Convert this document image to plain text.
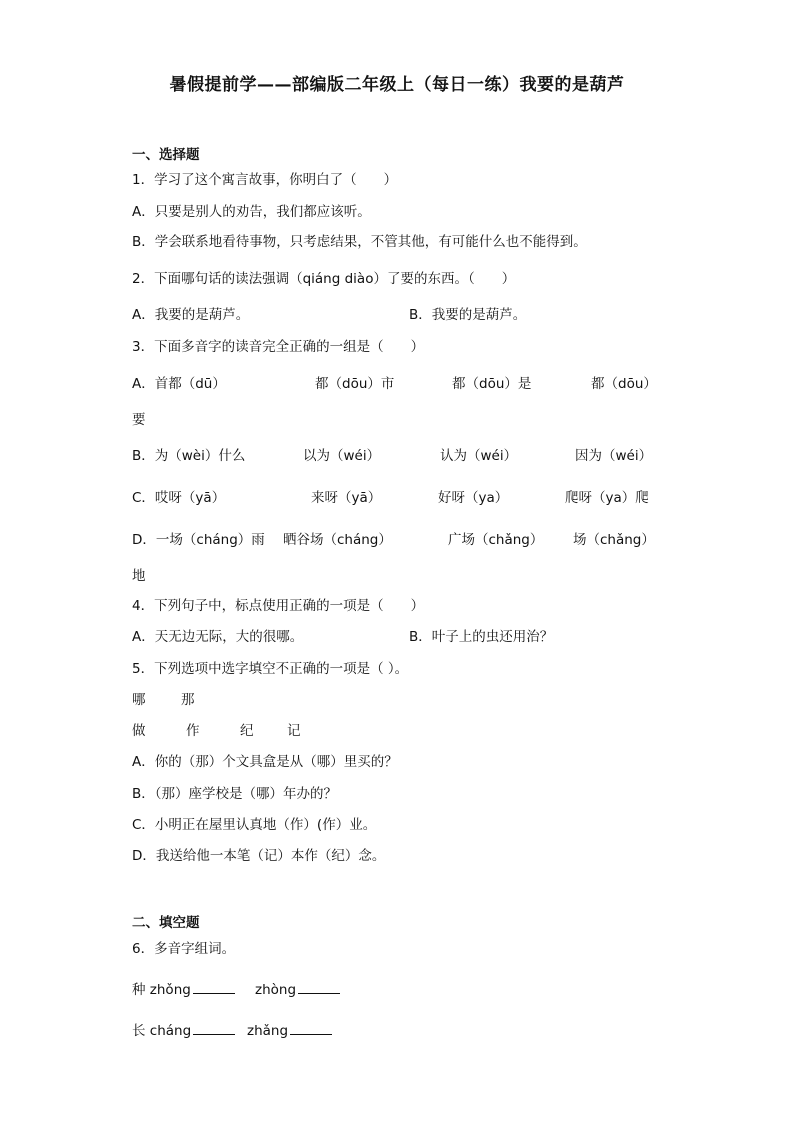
暑假提前学——部编版二年级上（每日一练）我要的是葫芦
一、选择题
1．学习了这个寓言故事，你明白了（　　）
A．只要是别人的劝告，我们都应该听。
B．学会联系地看待事物，只考虑结果，不管其他，有可能什么也不能得到。
2．下面哪句话的读法强调（qiáng diào）了要的东西。（　　）
A．我要的是葫芦。	B．我要的是葫芦。
3．下面多音字的读音完全正确的一组是（　　）
A．首都（dū）	都（dōu）市	都（dōu）是	都（dōu）
要
B．为（wèi）什么	以为（wéi）	认为（wéi）	因为（wéi）
C．哎呀（yā）	来呀（yā）	好呀（ya）	爬呀（ya）爬
D．一场（cháng）雨 晒谷场（cháng）	广场（chǎng） 场（chǎng）
地
4．下列句子中，标点使用正确的一项是（　　）
A．天无边无际，大的很哪。	B．叶子上的虫还用治？
5．下列选项中选字填空不正确的一项是（ ）。
哪	那
做	作	纪 记
A．你的（那）个文具盒是从（哪）里买的？
B．（那）座学校是（哪）年办的？
C．小明正在屋里认真地（作）(作）业。
D．我送给他一本笔（记）本作（纪）念。
二、填空题
6．多音字组词。
种 zhǒng	zhòng
长 cháng	zhǎng
